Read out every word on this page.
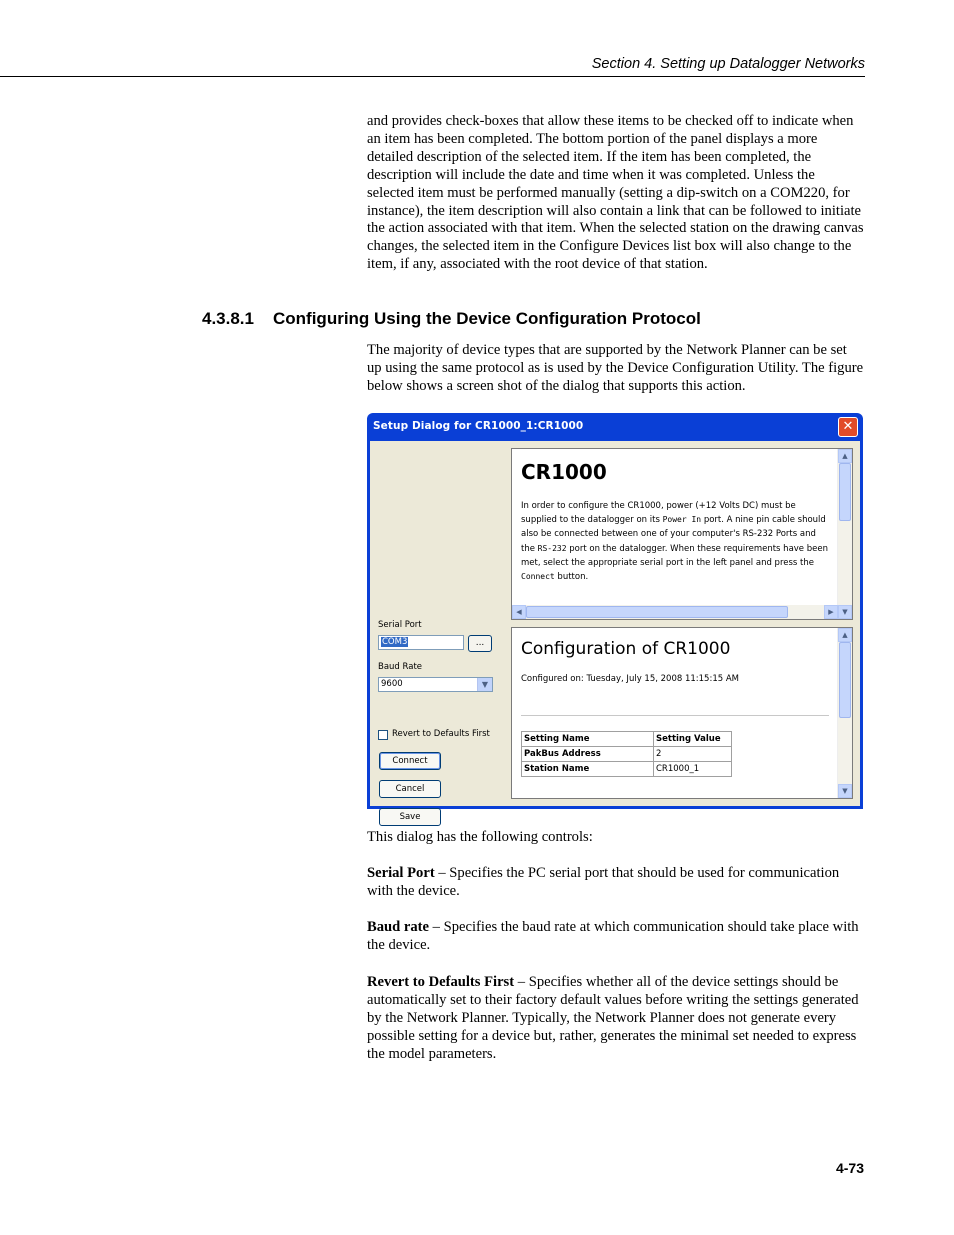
Section 4. Setting up Datalogger Networks

and provides check-boxes that allow these items to be checked off to indicate when an item has been completed. The bottom portion of the panel displays a more detailed description of the selected item. If the item has been completed, the description will include the date and time when it was completed. Unless the selected item must be performed manually (setting a dip-switch on a COM220, for instance), the item description will also contain a link that can be followed to initiate the action associated with that item. When the selected station on the drawing canvas changes, the selected item in the Configure Devices list box will also change to the item, if any, associated with the root device of that station.

4.3.8.1 Configuring Using the Device Configuration Protocol

The majority of device types that are supported by the Network Planner can be set up using the same protocol as is used by the Device Configuration Utility. The figure below shows a screen shot of the dialog that supports this action.

Setup Dialog for CR1000_1:CR1000	✕
Serial Port
COM3	...
Baud Rate
9600	▼
Revert to Defaults First
Connect
Cancel
Save
CR1000
In order to configure the CR1000, power (+12 Volts DC) must be supplied to the datalogger on its Power In port. A nine pin cable should also be connected between one of your computer's RS-232 Ports and the RS-232 port on the datalogger. When these requirements have been met, select the appropriate serial port in the left panel and press the Connect button.
▲
▼
◀	▶
Configuration of CR1000
Configured on: Tuesday, July 15, 2008 11:15:15 AM
Setting Name	Setting Value
PakBus Address	2
Station Name	CR1000_1
▲
▼

This dialog has the following controls:

Serial Port – Specifies the PC serial port that should be used for communication with the device.

Baud rate – Specifies the baud rate at which communication should take place with the device.

Revert to Defaults First – Specifies whether all of the device settings should be automatically set to their factory default values before writing the settings generated by the Network Planner. Typically, the Network Planner does not generate every possible setting for a device but, rather, generates the minimal set needed to express the model parameters.

4-73
